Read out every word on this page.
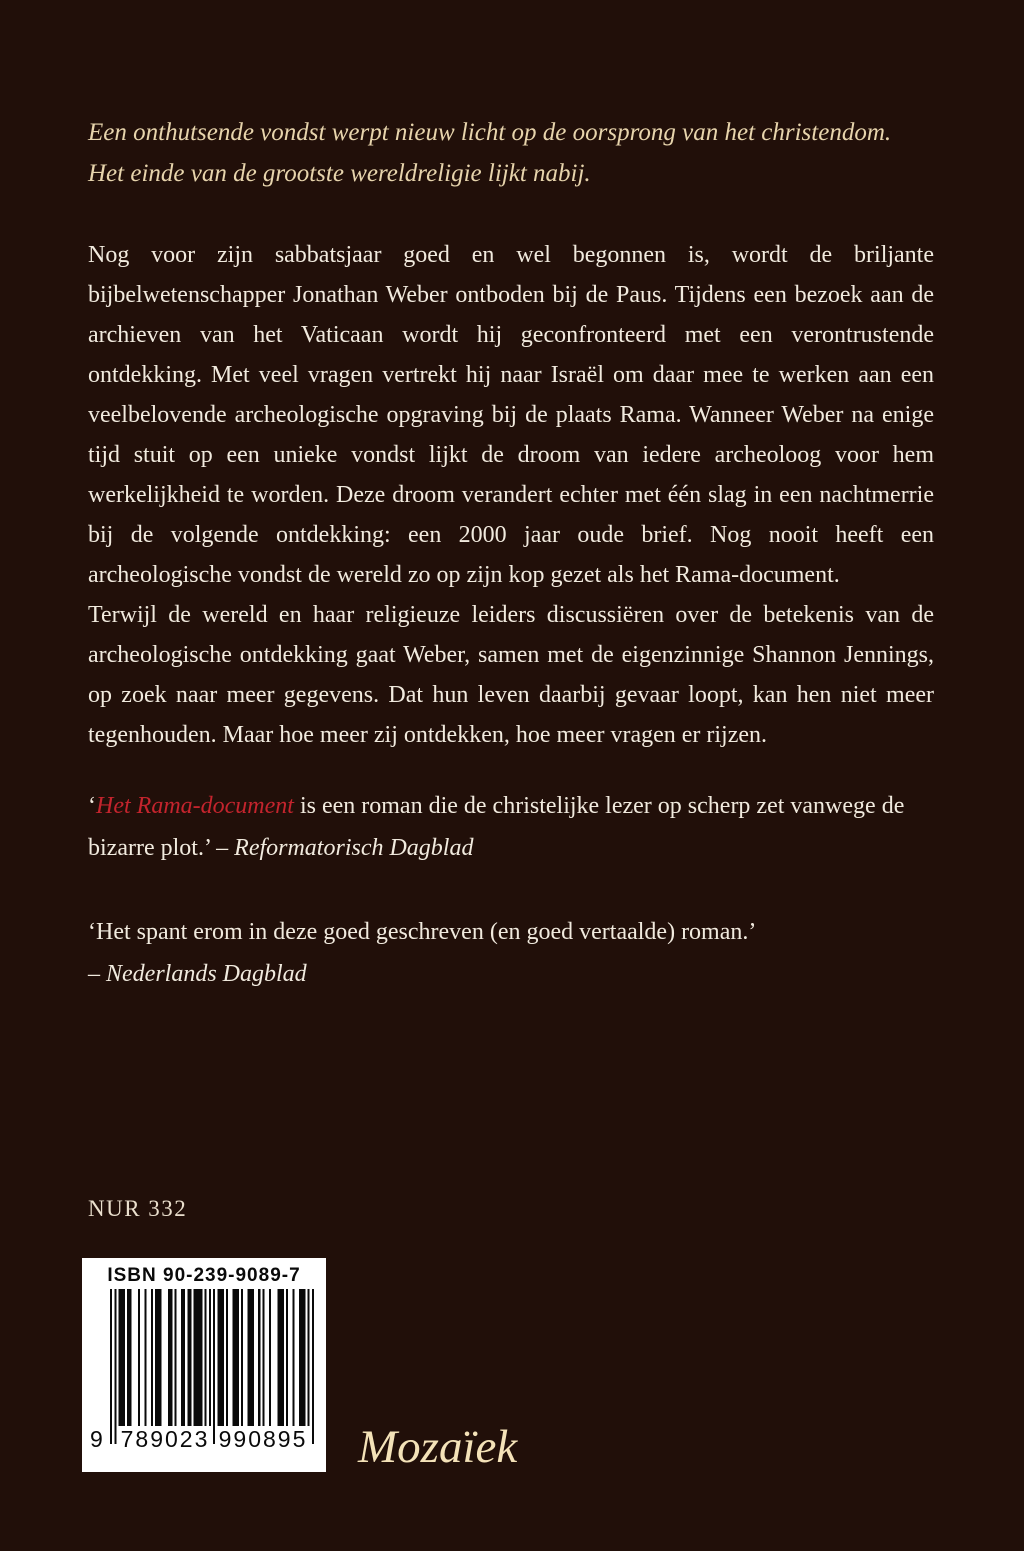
Een onthutsende vondst werpt nieuw licht op de oorsprong van het christendom.
Het einde van de grootste wereldreligie lijkt nabij.

Nog voor zijn sabbatsjaar goed en wel begonnen is, wordt de briljante bijbelwetenschapper Jonathan Weber ontboden bij de Paus. Tijdens een bezoek aan de archieven van het Vaticaan wordt hij geconfronteerd met een verontrustende ontdekking. Met veel vragen vertrekt hij naar Israël om daar mee te werken aan een veelbelovende archeologische opgraving bij de plaats Rama. Wanneer Weber na enige tijd stuit op een unieke vondst lijkt de droom van iedere archeoloog voor hem werkelijkheid te worden. Deze droom verandert echter met één slag in een nachtmerrie bij de volgende ontdekking: een 2000 jaar oude brief. Nog nooit heeft een archeologische vondst de wereld zo op zijn kop gezet als het Rama-document.

Terwijl de wereld en haar religieuze leiders discussiëren over de betekenis van de archeologische ontdekking gaat Weber, samen met de eigenzinnige Shannon Jennings, op zoek naar meer gegevens. Dat hun leven daarbij gevaar loopt, kan hen niet meer tegenhouden. Maar hoe meer zij ontdekken, hoe meer vragen er rijzen.

‘Het Rama-document is een roman die de christelijke lezer op scherp zet vanwege de bizarre plot.’ – Reformatorisch Dagblad

‘Het spant erom in deze goed geschreven (en goed vertaalde) roman.’
– Nederlands Dagblad

NUR 332

ISBN 90-239-9089-7
9 789023 990895 Mozaïek
